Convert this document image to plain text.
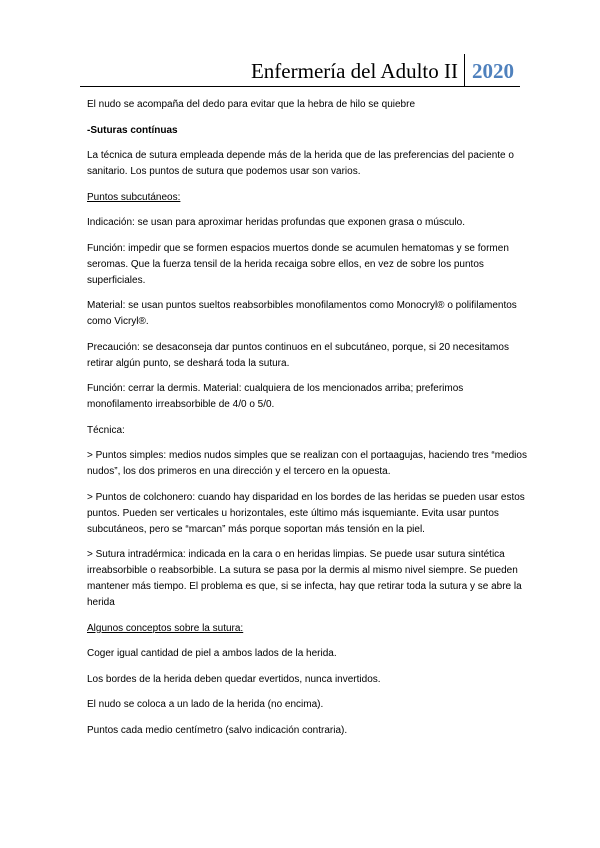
Enfermería del Adulto II 2020

El nudo se acompaña del dedo para evitar que la hebra de hilo se quiebre

-Suturas contínuas

La técnica de sutura empleada depende más de la herida que de las preferencias del paciente o sanitario. Los puntos de sutura que podemos usar son varios.

Puntos subcutáneos:

Indicación: se usan para aproximar heridas profundas que exponen grasa o músculo.

Función: impedir que se formen espacios muertos donde se acumulen hematomas y se formen seromas. Que la fuerza tensil de la herida recaiga sobre ellos, en vez de sobre los puntos superficiales.

Material: se usan puntos sueltos reabsorbibles monofilamentos como Monocryl® o polifilamentos como Vicryl®.

Precaución: se desaconseja dar puntos continuos en el subcutáneo, porque, si 20 necesitamos retirar algún punto, se deshará toda la sutura.

Función: cerrar la dermis. Material: cualquiera de los mencionados arriba; preferimos monofilamento irreabsorbible de 4/0 o 5/0.

Técnica:

> Puntos simples: medios nudos simples que se realizan con el portaagujas, haciendo tres “medios nudos”, los dos primeros en una dirección y el tercero en la opuesta.

> Puntos de colchonero: cuando hay disparidad en los bordes de las heridas se pueden usar estos puntos. Pueden ser verticales u horizontales, este último más isquemiante. Evita usar puntos subcutáneos, pero se “marcan” más porque soportan más tensión en la piel.

> Sutura intradérmica: indicada en la cara o en heridas limpias. Se puede usar sutura sintética irreabsorbible o reabsorbible. La sutura se pasa por la dermis al mismo nivel siempre. Se pueden mantener más tiempo. El problema es que, si se infecta, hay que retirar toda la sutura y se abre la herida

Algunos conceptos sobre la sutura:

Coger igual cantidad de piel a ambos lados de la herida.

Los bordes de la herida deben quedar evertidos, nunca invertidos.

El nudo se coloca a un lado de la herida (no encima).

Puntos cada medio centímetro (salvo indicación contraria).
